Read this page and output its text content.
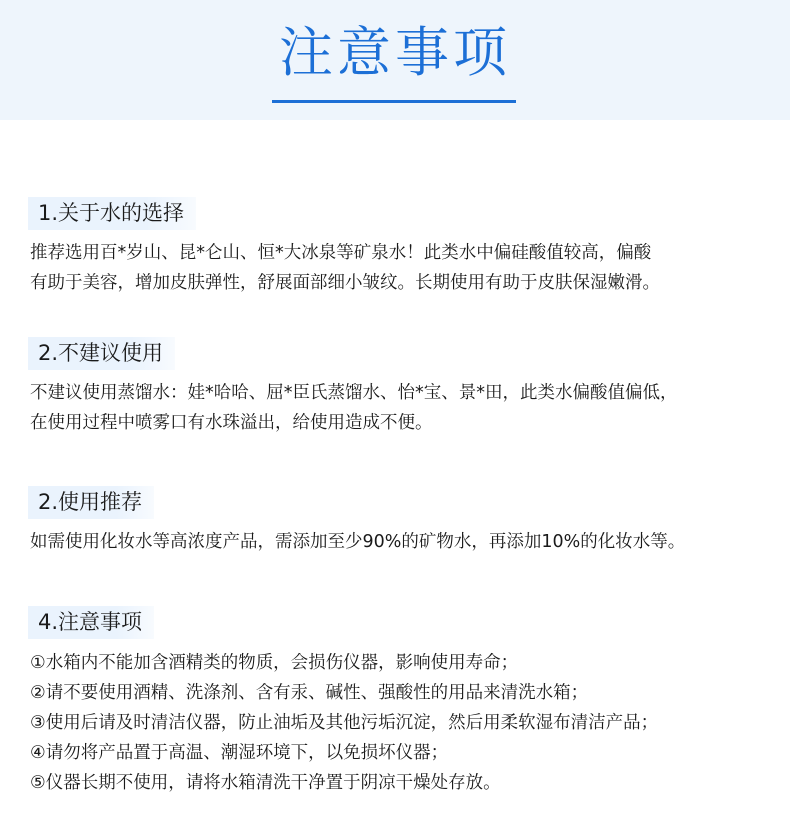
注意事项
1.关于水的选择
推荐选用百*岁山、昆*仑山、恒*大冰泉等矿泉水！此类水中偏硅酸值较高，偏酸
有助于美容，增加皮肤弹性，舒展面部细小皱纹。长期使用有助于皮肤保湿嫩滑。
2.不建议使用
不建议使用蒸馏水：娃*哈哈、屈*臣氏蒸馏水、怡*宝、景*田，此类水偏酸值偏低，
在使用过程中喷雾口有水珠溢出，给使用造成不便。
2.使用推荐
如需使用化妆水等高浓度产品，需添加至少90%的矿物水，再添加10%的化妆水等。
4.注意事项
①水箱内不能加含酒精类的物质，会损伤仪器，影响使用寿命；
②请不要使用酒精、洗涤剂、含有汞、碱性、强酸性的用品来清洗水箱；
③使用后请及时清洁仪器，防止油垢及其他污垢沉淀，然后用柔软湿布清洁产品；
④请勿将产品置于高温、潮湿环境下，以免损坏仪器；
⑤仪器长期不使用，请将水箱清洗干净置于阴凉干燥处存放。
